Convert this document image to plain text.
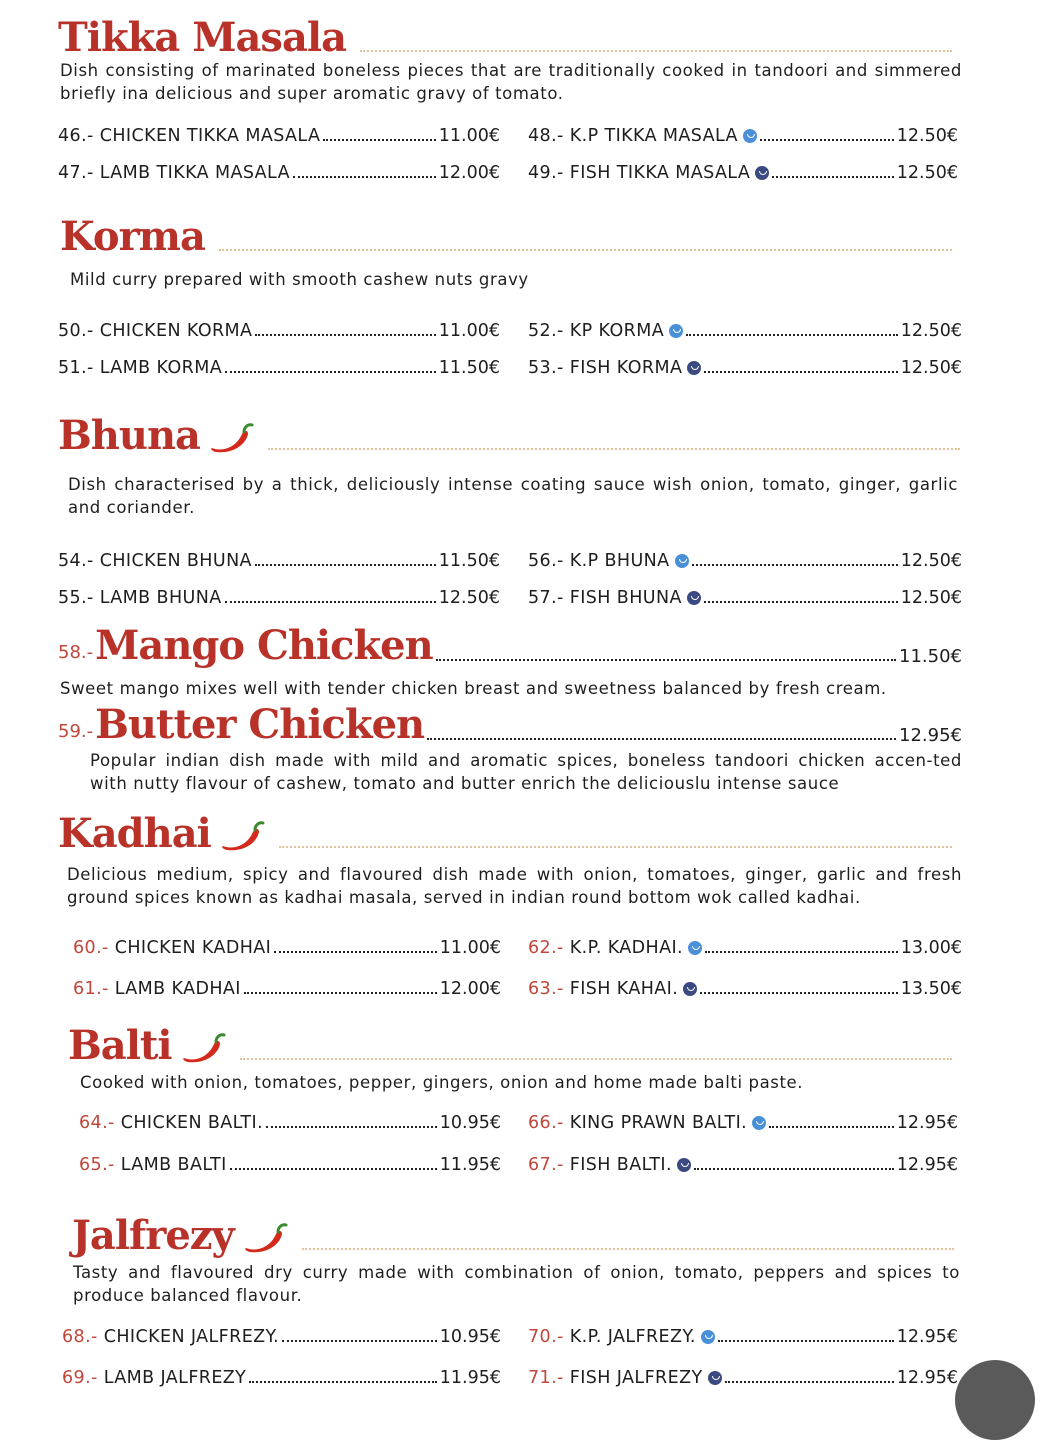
Tikka Masala
Dish consisting of marinated boneless pieces that are traditionally cooked in tandoori and simmered briefly ina delicious and super aromatic gravy of tomato.
46.- CHICKEN TIKKA MASALA	11.00€
47.- LAMB TIKKA MASALA	12.00€
48.- K.P TIKKA MASALA	12.50€
49.- FISH TIKKA MASALA	12.50€
Korma
Mild curry prepared with smooth cashew nuts gravy
50.- CHICKEN KORMA	11.00€
51.- LAMB KORMA	11.50€
52.- KP KORMA	12.50€
53.- FISH KORMA	12.50€
Bhuna
Dish characterised by a thick, deliciously intense coating sauce wish onion, tomato, ginger, garlic and coriander.
54.- CHICKEN BHUNA	11.50€
55.- LAMB BHUNA	12.50€
56.- K.P BHUNA	12.50€
57.- FISH BHUNA	12.50€
58.- Mango Chicken	11.50€
Sweet mango mixes well with tender chicken breast and sweetness balanced by fresh cream.
59.- Butter Chicken	12.95€
Popular indian dish made with mild and aromatic spices, boneless tandoori chicken accen-ted with nutty flavour of cashew, tomato and butter enrich the deliciouslu intense sauce
Kadhai
Delicious medium, spicy and flavoured dish made with onion, tomatoes, ginger, garlic and fresh ground spices known as kadhai masala, served in indian round bottom wok called kadhai.
60.- CHICKEN KADHAI	11.00€
61.- LAMB KADHAI	12.00€
62.- K.P. KADHAI.	13.00€
63.- FISH KAHAI.	13.50€
Balti
Cooked with onion, tomatoes, pepper, gingers, onion and home made balti paste.
64.- CHICKEN BALTI.	10.95€
65.- LAMB BALTI	11.95€
66.- KING PRAWN BALTI.	12.95€
67.- FISH BALTI.	12.95€
Jalfrezy
Tasty and flavoured dry curry made with combination of onion, tomato, peppers and spices to produce balanced flavour.
68.- CHICKEN JALFREZY.	10.95€
69.- LAMB JALFREZY	11.95€
70.- K.P. JALFREZY.	12.95€
71.- FISH JALFREZY	12.95€
